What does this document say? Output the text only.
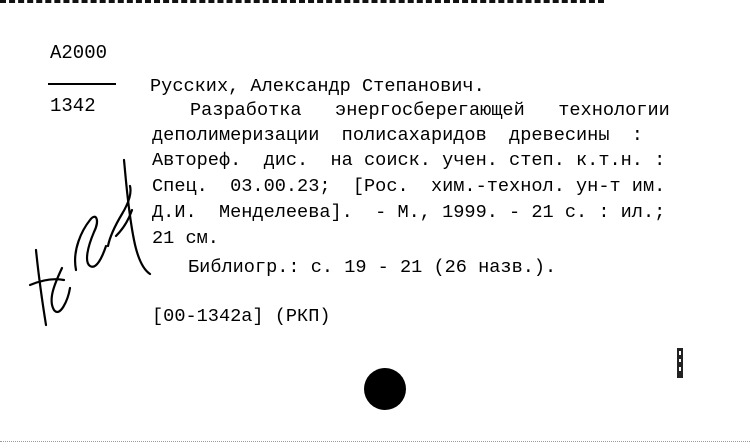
A2000
1342
Русских, Александр Степанович.
Разработка   энергосберегающей   технологии
деполимеризации  полисахаридов  древесины  :
Автореф.  дис.  на соиск. учен. степ. к.т.н. :
Спец.  03.00.23;  [Рос.  хим.-технол. ун-т им.
Д.И.  Менделеева].  - М., 1999. - 21 с. : ил.;
21 см.
Библиогр.: с. 19 - 21 (26 назв.).
[00-1342а] (РКП)
